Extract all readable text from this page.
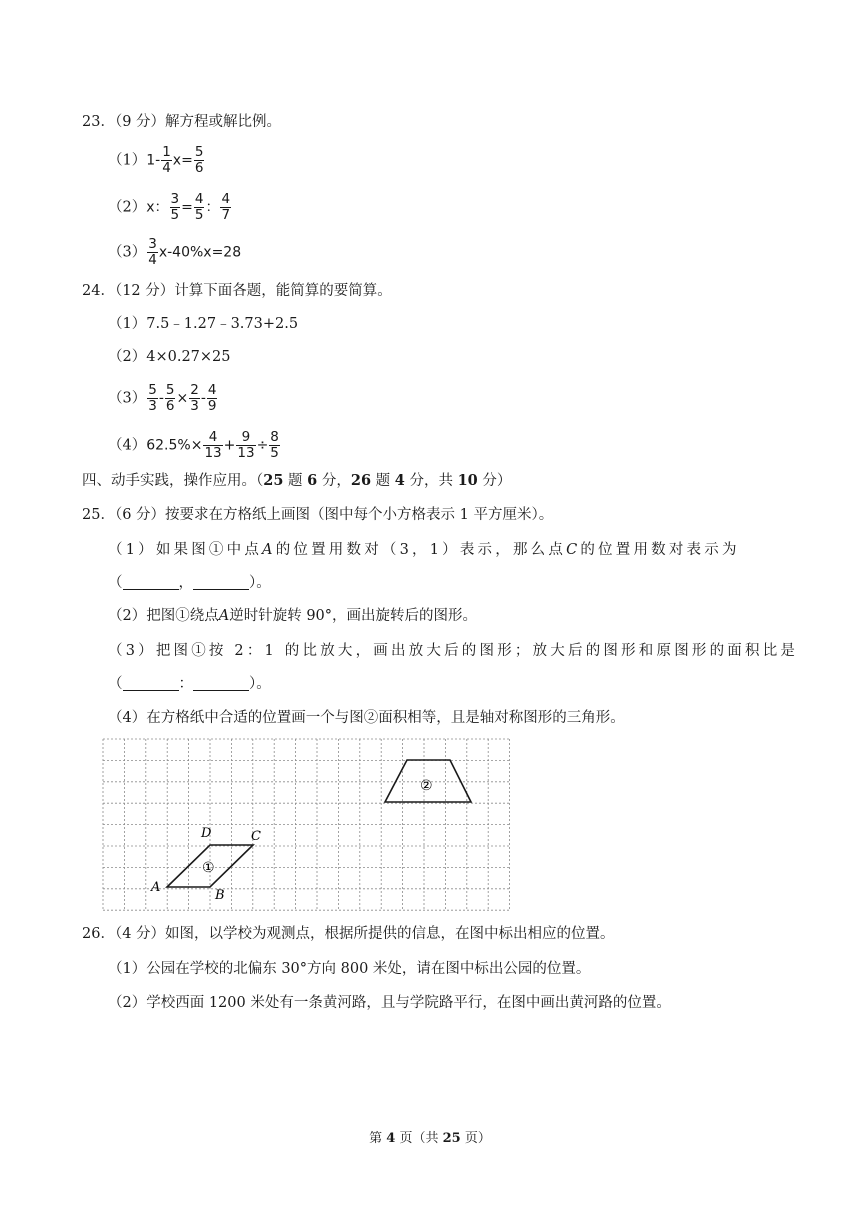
23．（9 分）解方程或解比例。
$(1)1- \frac{1}{4} x= \frac{5}{6}$
（2）x： $\frac{3}{5} = \frac{4}{5}$ ： $\frac{4}{7}$
$(3) \frac{3}{4} x-40\%x=28$
24．（12 分）计算下面各题，能简算的要简算。
（1）7.5﹣1.27﹣3.73+2.5
（2）4×0.27×25
$(3) \frac{5}{3} - \frac{5}{6} \times \frac{2}{3} - \frac{4}{9}$
$(4)62.5\%\times \frac{4}{13} + \frac{9}{13} \div \frac{8}{5}$
四、动手实践，操作应用。（25 题 6 分，26 题 4 分，共 10 分）
25．（6 分）按要求在方格纸上画图（图中每个小方格表示 1 平方厘米）。
（1）如果图①中点A的位置用数对（3，1）表示，那么点C的位置用数对表示为
（	，	）。
（2）把图①绕点A逆时针旋转 90°，画出旋转后的图形。
（3）把图①按 2：1 的比放大，画出放大后的图形；放大后的图形和原图形的面积比是
（	：	）。
（4）在方格纸中合适的位置画一个与图②面积相等，且是轴对称图形的三角形。
D	C
A
B
①
②
26．（4 分）如图，以学校为观测点，根据所提供的信息，在图中标出相应的位置。
（1）公园在学校的北偏东 30°方向 800 米处，请在图中标出公园的位置。
（2）学校西面 1200 米处有一条黄河路，且与学院路平行，在图中画出黄河路的位置。
第 4 页（共 25 页）
